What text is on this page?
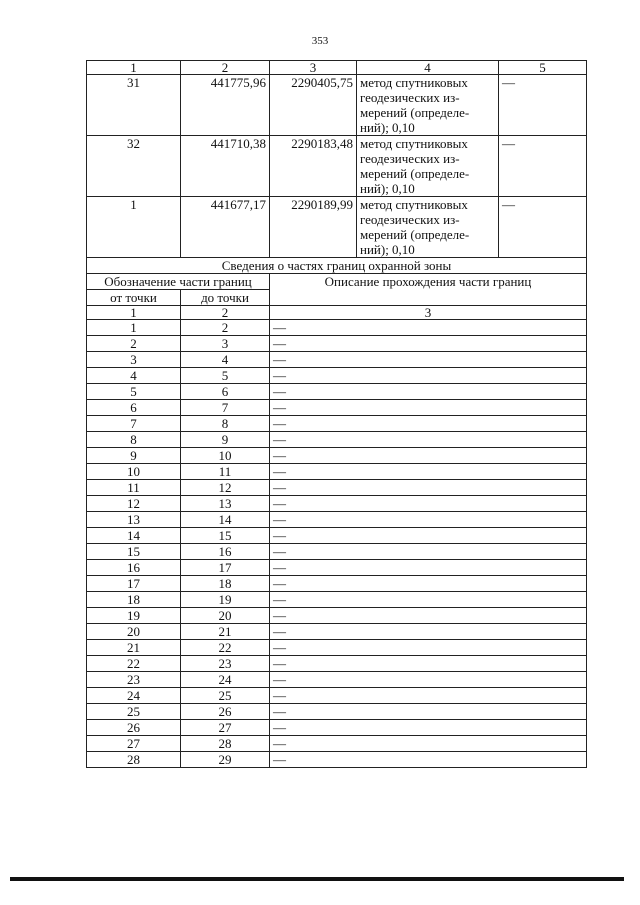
353
1	2	3	4	5
31	441775,96	2290405,75	метод спутниковых
геодезических из-
мерений (определе-
ний); 0,10	—
32	441710,38	2290183,48	метод спутниковых
геодезических из-
мерений (определе-
ний); 0,10	—
1	441677,17	2290189,99	метод спутниковых
геодезических из-
мерений (определе-
ний); 0,10	—
Сведения о частях границ охранной зоны				
Обозначение части границ		Описание прохождения части границ		
от точки	до точки			
1	2	3		
1	2	—		
2	3	—		
3	4	—		
4	5	—		
5	6	—		
6	7	—		
7	8	—		
8	9	—		
9	10	—		
10	11	—		
11	12	—		
12	13	—		
13	14	—		
14	15	—		
15	16	—		
16	17	—		
17	18	—		
18	19	—		
19	20	—		
20	21	—		
21	22	—		
22	23	—		
23	24	—		
24	25	—		
25	26	—		
26	27	—		
27	28	—		
28	29	—		
